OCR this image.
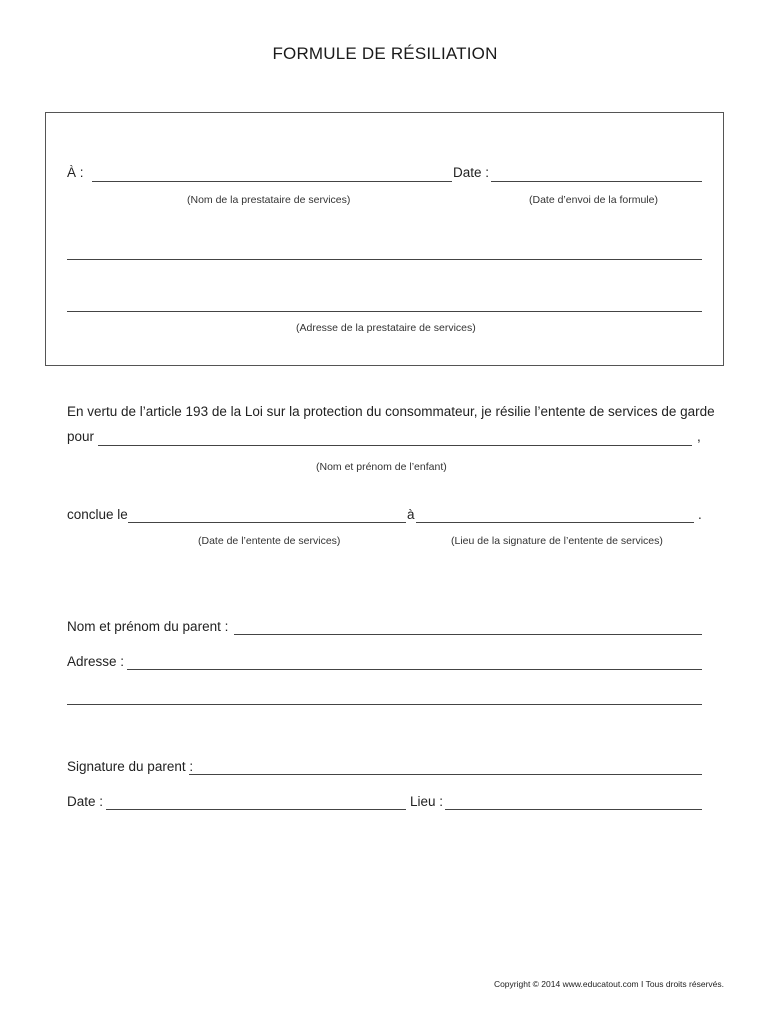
FORMULE DE RÉSILIATION
À :	Date :
(Nom de la prestataire de services)	(Date d’envoi de la formule)
(Adresse de la prestataire de services)
En vertu de l’article 193 de la Loi sur la protection du consommateur, je résilie l’entente de services de garde
pour	,
(Nom et prénom de l’enfant)
conclue le	à	.
(Date de l’entente de services)	(Lieu de la signature de l’entente de services)
Nom et prénom du parent :
Adresse :
Signature du parent :
Date :	Lieu :
Copyright © 2014 www.educatout.com I Tous droits réservés.
